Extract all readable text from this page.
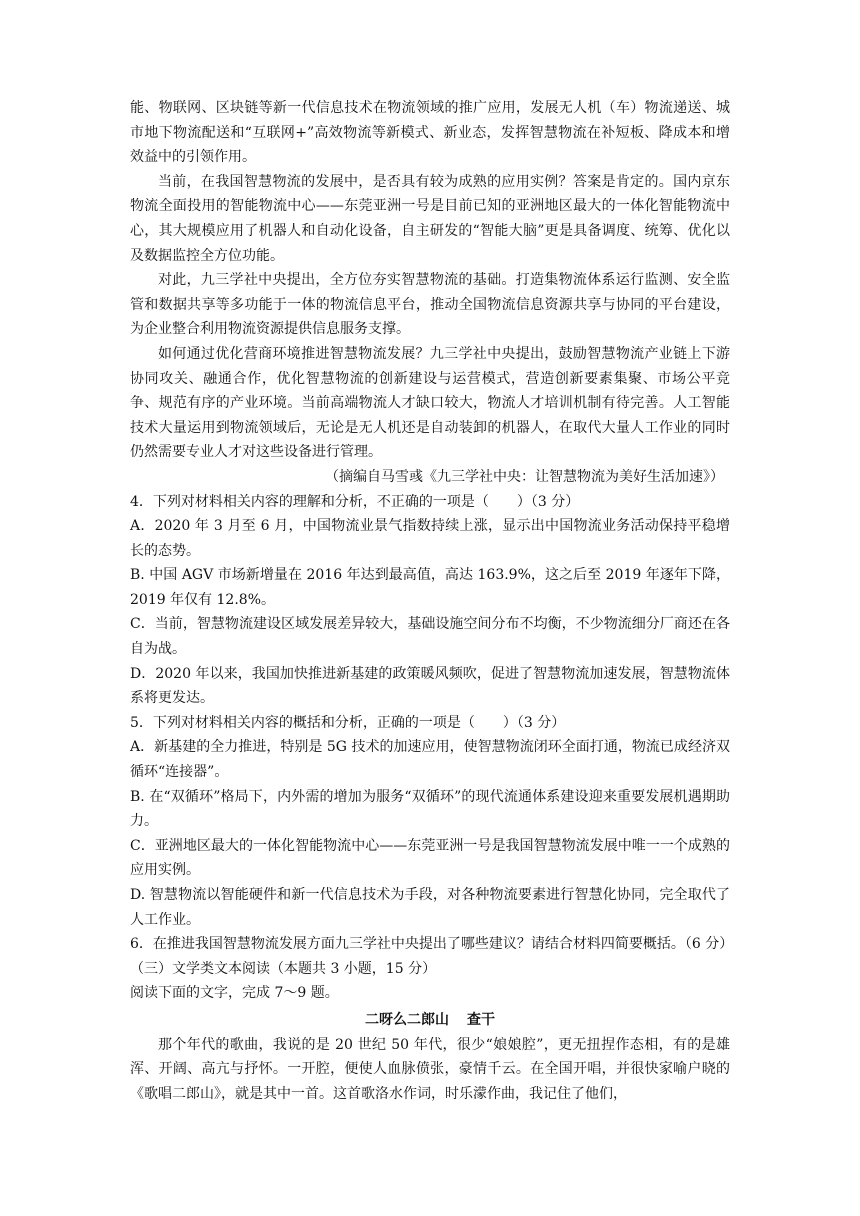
能、物联网、区块链等新一代信息技术在物流领域的推广应用，发展无人机（车）物流递送、城市地下物流配送和“互联网+”高效物流等新模式、新业态，发挥智慧物流在补短板、降成本和增效益中的引领作用。

当前，在我国智慧物流的发展中，是否具有较为成熟的应用实例？答案是肯定的。国内京东物流全面投用的智能物流中心——东莞亚洲一号是目前已知的亚洲地区最大的一体化智能物流中心，其大规模应用了机器人和自动化设备，自主研发的“智能大脑”更是具备调度、统筹、优化以及数据监控全方位功能。

对此，九三学社中央提出，全方位夯实智慧物流的基础。打造集物流体系运行监测、安全监管和数据共享等多功能于一体的物流信息平台，推动全国物流信息资源共享与协同的平台建设，为企业整合利用物流资源提供信息服务支撑。

如何通过优化营商环境推进智慧物流发展？九三学社中央提出，鼓励智慧物流产业链上下游协同攻关、融通合作，优化智慧物流的创新建设与运营模式，营造创新要素集聚、市场公平竞争、规范有序的产业环境。当前高端物流人才缺口较大，物流人才培训机制有待完善。人工智能技术大量运用到物流领域后，无论是无人机还是自动装卸的机器人，在取代大量人工作业的同时仍然需要专业人才对这些设备进行管理。

（摘编自马雪彧《九三学社中央：让智慧物流为美好生活加速》）

4．下列对材料相关内容的理解和分析，不正确的一项是（　　）（3 分）

A．2020 年 3 月至 6 月，中国物流业景气指数持续上涨，显示出中国物流业务活动保持平稳增长的态势。

B. 中国 AGV 市场新增量在 2016 年达到最高值，高达 163.9%，这之后至 2019 年逐年下降，2019 年仅有 12.8%。

C．当前，智慧物流建设区域发展差异较大，基础设施空间分布不均衡，不少物流细分厂商还在各自为战。

D．2020 年以来，我国加快推进新基建的政策暖风频吹，促进了智慧物流加速发展，智慧物流体系将更发达。

5．下列对材料相关内容的概括和分析，正确的一项是（　　）（3 分）

A．新基建的全力推进，特别是 5G 技术的加速应用，使智慧物流闭环全面打通，物流已成经济双循环“连接器”。

B. 在“双循环”格局下，内外需的增加为服务“双循环”的现代流通体系建设迎来重要发展机遇期助力。

C．亚洲地区最大的一体化智能物流中心——东莞亚洲一号是我国智慧物流发展中唯一一个成熟的应用实例。

D. 智慧物流以智能硬件和新一代信息技术为手段，对各种物流要素进行智慧化协同，完全取代了人工作业。

6．在推进我国智慧物流发展方面九三学社中央提出了哪些建议？请结合材料四简要概括。（6 分）

（三）文学类文本阅读（本题共 3 小题，15 分）

阅读下面的文字，完成 7～9 题。

二呀么二郎山 查干

那个年代的歌曲，我说的是 20 世纪 50 年代，很少“娘娘腔”，更无扭捏作态相，有的是雄浑、开阔、高亢与抒怀。一开腔，便使人血脉偾张，豪情千云。在全国开唱，并很快家喻户晓的《歌唱二郎山》，就是其中一首。这首歌洛水作词，时乐濛作曲，我记住了他们，
